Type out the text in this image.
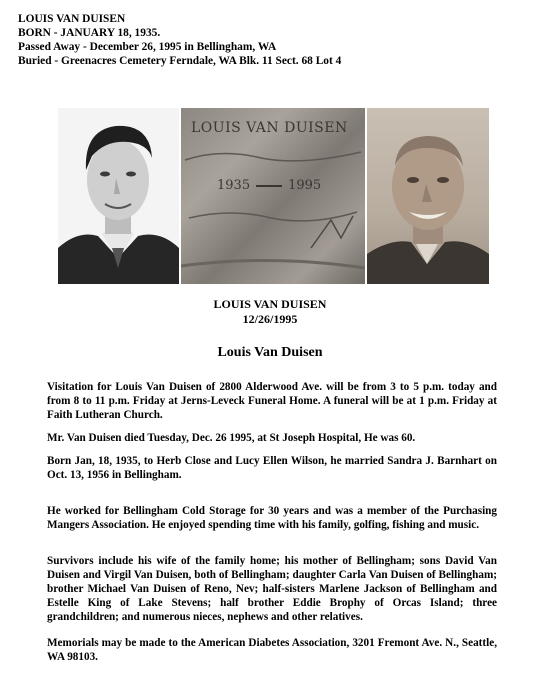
LOUIS VAN DUISEN
BORN - JANUARY 18, 1935.
Passed Away - December 26, 1995 in Bellingham, WA
Buried - Greenacres Cemetery Ferndale, WA Blk. 11 Sect. 68 Lot 4
LOUIS VAN DUISEN
1935	1995
LOUIS VAN DUISEN
12/26/1995
Louis Van Duisen
Visitation for Louis Van Duisen of 2800 Alderwood Ave. will be from 3 to 5 p.m. today and from 8 to 11 p.m. Friday at Jerns-Leveck Funeral Home. A funeral will be at 1 p.m. Friday at Faith Lutheran Church.
Mr. Van Duisen died Tuesday, Dec. 26 1995, at St Joseph Hospital, He was 60.
Born Jan, 18, 1935, to Herb Close and Lucy Ellen Wilson, he married Sandra J. Barnhart on Oct. 13, 1956 in Bellingham.
He worked for Bellingham Cold Storage for 30 years and was a member of the Purchasing Mangers Association. He enjoyed spending time with his family, golfing, fishing and music.
Survivors include his wife of the family home; his mother of Bellingham; sons David Van Duisen and Virgil Van Duisen, both of Bellingham; daughter Carla Van Duisen of Bellingham; brother Michael Van Duisen of Reno, Nev; half-sisters Marlene Jackson of Bellingham and Estelle King of Lake Stevens; half brother Eddie Brophy of Orcas Island; three grandchildren; and numerous nieces, nephews and other relatives.
Memorials may be made to the American Diabetes Association, 3201 Fremont Ave. N., Seattle, WA 98103.
